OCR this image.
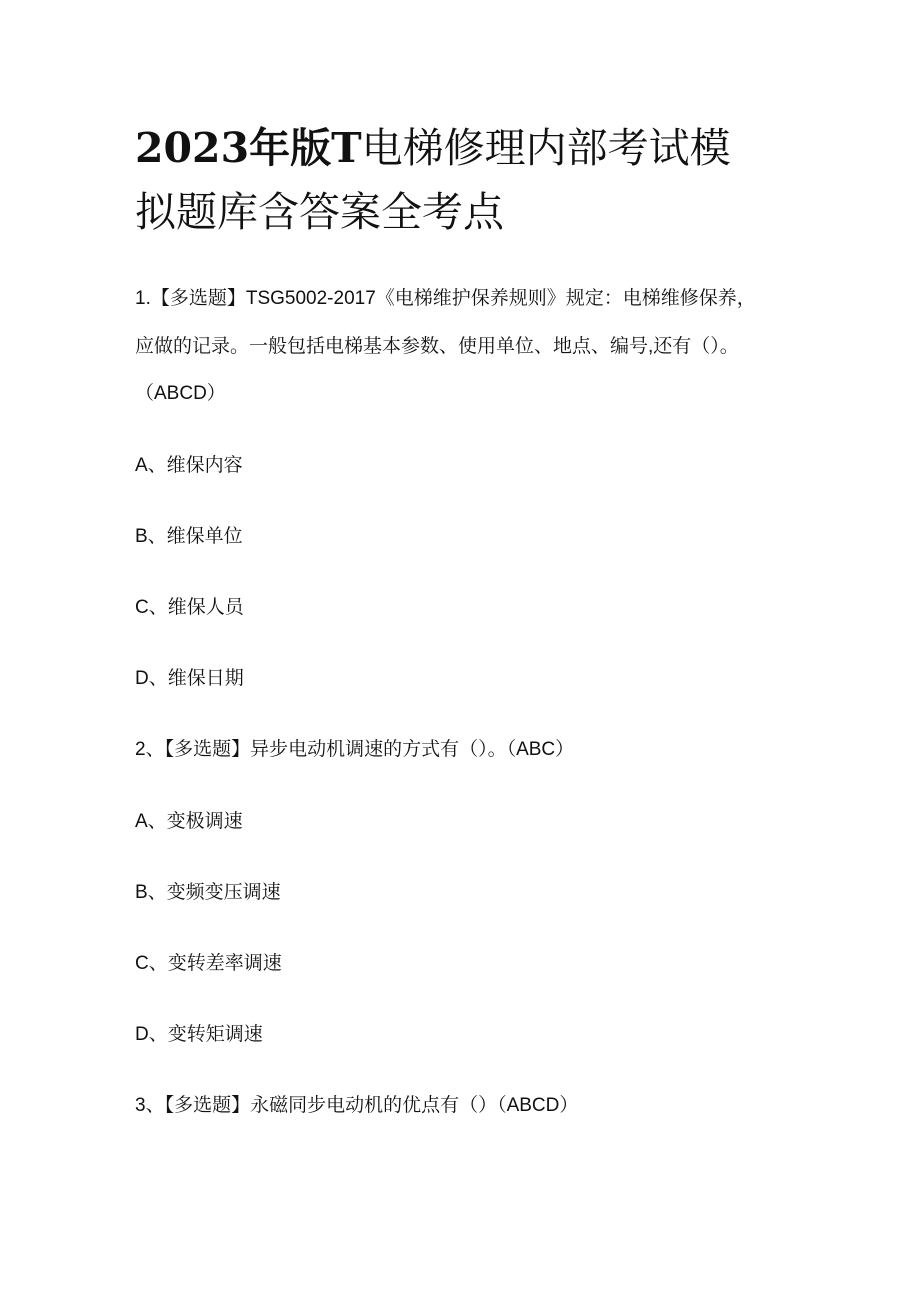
2023年版T电梯修理内部考试模
拟题库含答案全考点
1.【多选题】TSG5002-2017《电梯维护保养规则》规定：电梯维修保养，
应做的记录。一般包括电梯基本参数、使用单位、地点、编号,还有（）。
（ABCD）
A、维保内容
B、维保单位
C、维保人员
D、维保日期
2、【多选题】异步电动机调速的方式有（）。（ABC）
A、变极调速
B、变频变压调速
C、变转差率调速
D、变转矩调速
3、【多选题】永磁同步电动机的优点有（）（ABCD）
